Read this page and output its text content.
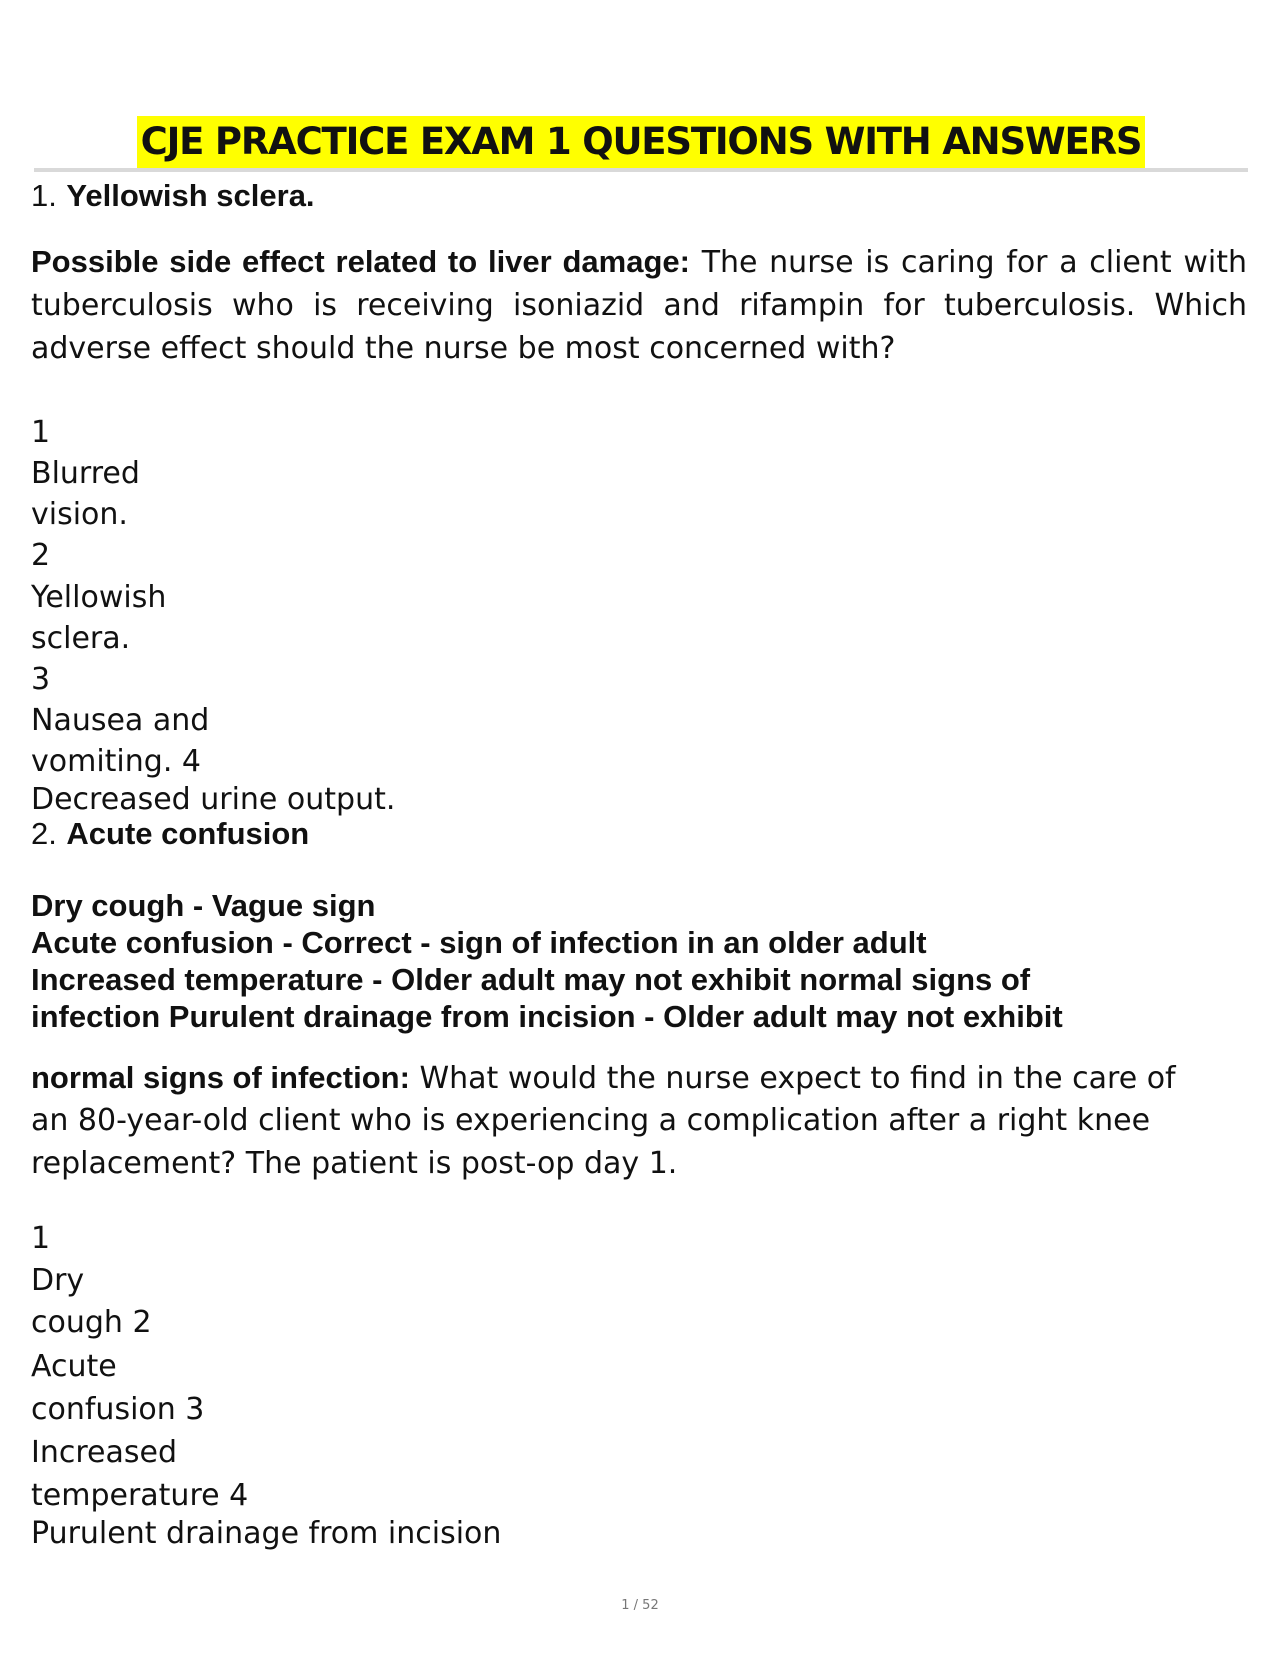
CJE PRACTICE EXAM 1 QUESTIONS WITH ANSWERS
1. Yellowish sclera.
Possible side effect related to liver damage: The nurse is caring for a client with tuberculosis who is receiving isoniazid and rifampin for tuberculosis. Which adverse effect should the nurse be most concerned with?
1
Blurred
vision.
2
Yellowish
sclera.
3
Nausea and
vomiting. 4
Decreased urine output.
2. Acute confusion
Dry cough - Vague sign
Acute confusion - Correct - sign of infection in an older adult
Increased temperature - Older adult may not exhibit normal signs of
infection Purulent drainage from incision - Older adult may not exhibit
normal signs of infection: What would the nurse expect to find in the care of
an 80-year-old client who is experiencing a complication after a right knee
replacement? The patient is post-op day 1.
1
Dry
cough 2
Acute
confusion 3
Increased
temperature 4
Purulent drainage from incision
1 / 52
